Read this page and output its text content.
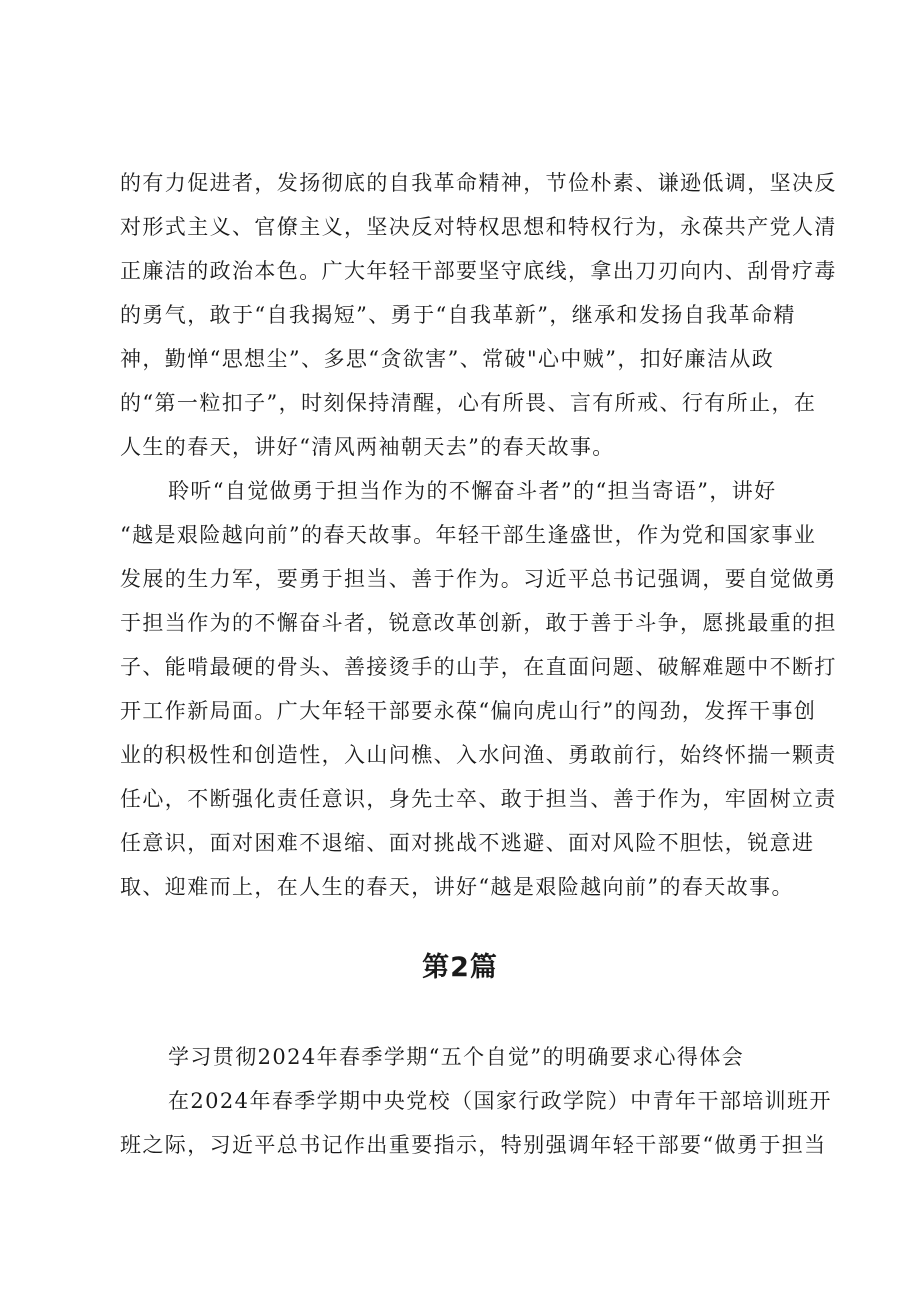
的有力促进者，发扬彻底的自我革命精神，节俭朴素、谦逊低调，坚决反
对形式主义、官僚主义，坚决反对特权思想和特权行为，永葆共产党人清
正廉洁的政治本色。广大年轻干部要坚守底线，拿出刀刃向内、刮骨疗毒
的勇气，敢于“自我揭短”、勇于“自我革新”，继承和发扬自我革命精
神，勤惮“思想尘”、多思“贪欲害”、常破"心中贼”，扣好廉洁从政
的“第一粒扣子”，时刻保持清醒，心有所畏、言有所戒、行有所止，在
人生的春天，讲好“清风两袖朝天去”的春天故事。
聆听“自觉做勇于担当作为的不懈奋斗者”的“担当寄语”，讲好
“越是艰险越向前”的春天故事。年轻干部生逢盛世，作为党和国家事业
发展的生力军，要勇于担当、善于作为。习近平总书记强调，要自觉做勇
于担当作为的不懈奋斗者，锐意改革创新，敢于善于斗争，愿挑最重的担
子、能啃最硬的骨头、善接烫手的山芋，在直面问题、破解难题中不断打
开工作新局面。广大年轻干部要永葆“偏向虎山行”的闯劲，发挥干事创
业的积极性和创造性，入山问樵、入水问渔、勇敢前行，始终怀揣一颗责
任心，不断强化责任意识，身先士卒、敢于担当、善于作为，牢固树立责
任意识，面对困难不退缩、面对挑战不逃避、面对风险不胆怯，锐意进
取、迎难而上，在人生的春天，讲好“越是艰险越向前”的春天故事。
第2篇
学习贯彻2024年春季学期“五个自觉”的明确要求心得体会
在2024年春季学期中央党校（国家行政学院）中青年干部培训班开
班之际，习近平总书记作出重要指示，特别强调年轻干部要“做勇于担当
